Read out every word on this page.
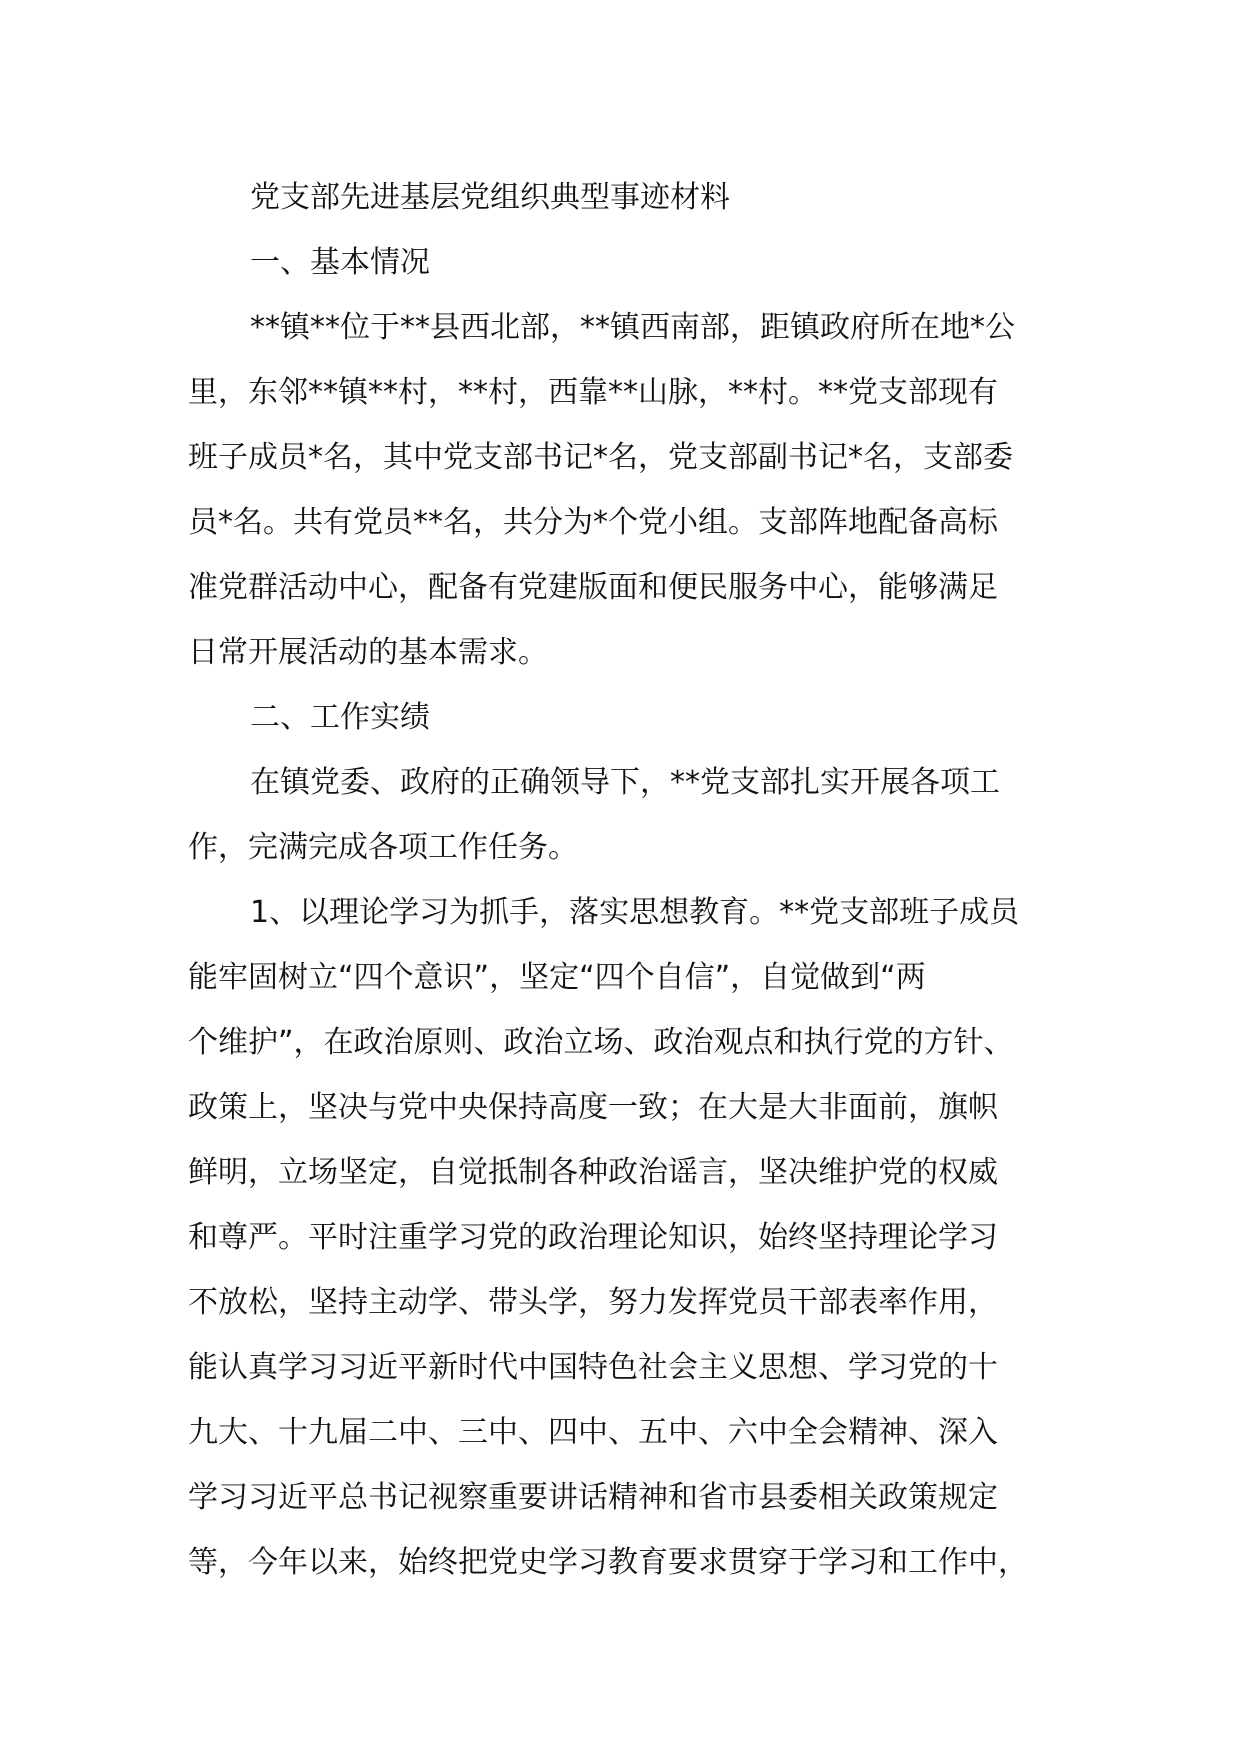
党支部先进基层党组织典型事迹材料
一、基本情况
**镇**位于**县西北部，**镇西南部，距镇政府所在地*公
里，东邻**镇**村，**村，西靠**山脉，**村。**党支部现有
班子成员*名，其中党支部书记*名，党支部副书记*名，支部委
员*名。共有党员**名，共分为*个党小组。支部阵地配备高标
准党群活动中心，配备有党建版面和便民服务中心，能够满足
日常开展活动的基本需求。
二、工作实绩
在镇党委、政府的正确领导下，**党支部扎实开展各项工
作，完满完成各项工作任务。
1、以理论学习为抓手，落实思想教育。**党支部班子成员
能牢固树立“四个意识”，坚定“四个自信”，自觉做到“两
个维护”，在政治原则、政治立场、政治观点和执行党的方针、
政策上，坚决与党中央保持高度一致；在大是大非面前，旗帜
鲜明，立场坚定，自觉抵制各种政治谣言，坚决维护党的权威
和尊严。平时注重学习党的政治理论知识，始终坚持理论学习
不放松，坚持主动学、带头学，努力发挥党员干部表率作用，
能认真学习习近平新时代中国特色社会主义思想、学习党的十
九大、十九届二中、三中、四中、五中、六中全会精神、深入
学习习近平总书记视察重要讲话精神和省市县委相关政策规定
等，今年以来，始终把党史学习教育要求贯穿于学习和工作中，
